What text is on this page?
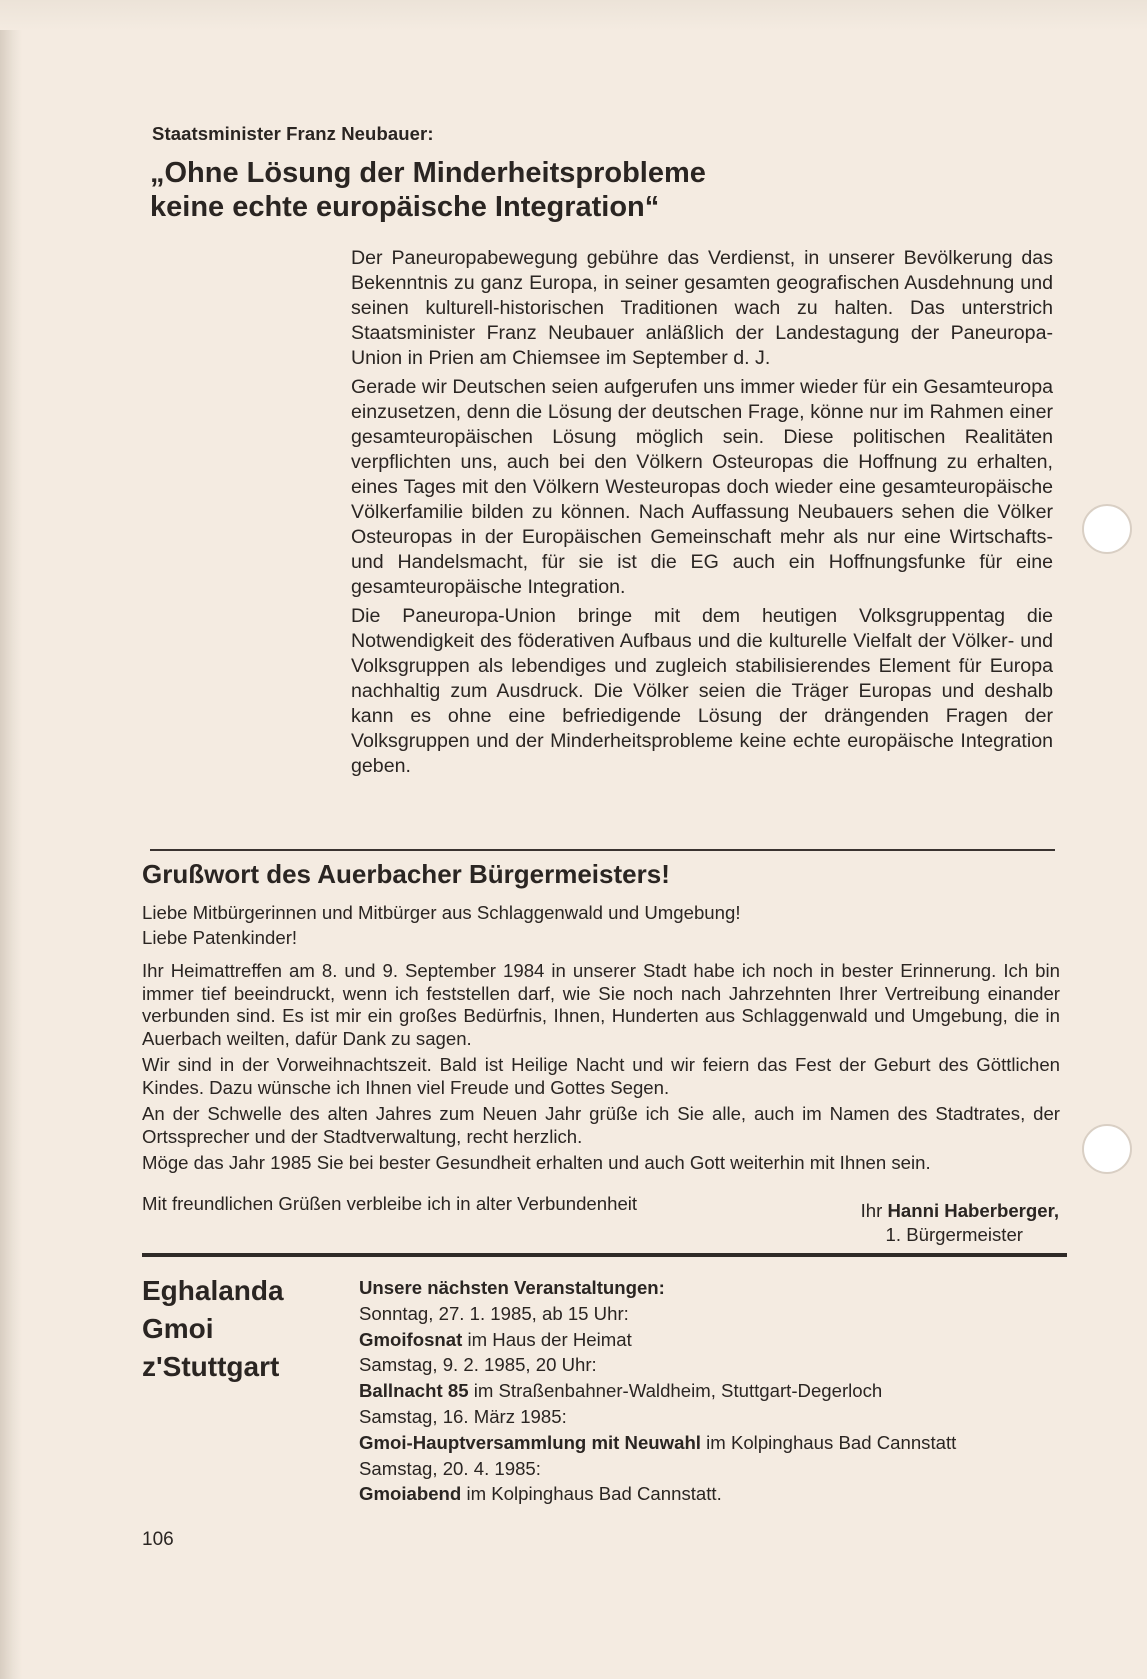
Staatsminister Franz Neubauer:
„Ohne Lösung der Minderheitsprobleme
keine echte europäische Integration“

Der Paneuropabewegung gebühre das Verdienst, in unserer Bevölkerung das Bekenntnis zu ganz Europa, in seiner gesamten geografischen Ausdehnung und seinen kulturell-historischen Traditionen wach zu halten. Das unterstrich Staatsminister Franz Neubauer anläßlich der Landestagung der Paneuropa-Union in Prien am Chiemsee im September d. J.

Gerade wir Deutschen seien aufgerufen uns immer wieder für ein Gesamteuropa einzusetzen, denn die Lösung der deutschen Frage, könne nur im Rahmen einer gesamteuropäischen Lösung möglich sein. Diese politischen Realitäten verpflichten uns, auch bei den Völkern Osteuropas die Hoffnung zu erhalten, eines Tages mit den Völkern Westeuropas doch wieder eine gesamteuropäische Völkerfamilie bilden zu können. Nach Auffassung Neubauers sehen die Völker Osteuropas in der Europäischen Gemeinschaft mehr als nur eine Wirtschafts- und Handelsmacht, für sie ist die EG auch ein Hoffnungsfunke für eine gesamteuropäische Integration.

Die Paneuropa-Union bringe mit dem heutigen Volksgruppentag die Notwendigkeit des föderativen Aufbaus und die kulturelle Vielfalt der Völker- und Volksgruppen als lebendiges und zugleich stabilisierendes Element für Europa nachhaltig zum Ausdruck. Die Völker seien die Träger Europas und deshalb kann es ohne eine befriedigende Lösung der drängenden Fragen der Volksgruppen und der Minderheitsprobleme keine echte europäische Integration geben.

Grußwort des Auerbacher Bürgermeisters!
Liebe Mitbürgerinnen und Mitbürger aus Schlaggenwald und Umgebung!
Liebe Patenkinder!

Ihr Heimattreffen am 8. und 9. September 1984 in unserer Stadt habe ich noch in bester Erinnerung. Ich bin immer tief beeindruckt, wenn ich feststellen darf, wie Sie noch nach Jahrzehnten Ihrer Vertreibung einander verbunden sind. Es ist mir ein großes Bedürfnis, Ihnen, Hunderten aus Schlaggenwald und Umgebung, die in Auerbach weilten, dafür Dank zu sagen.

Wir sind in der Vorweihnachtszeit. Bald ist Heilige Nacht und wir feiern das Fest der Geburt des Göttlichen Kindes. Dazu wünsche ich Ihnen viel Freude und Gottes Segen.

An der Schwelle des alten Jahres zum Neuen Jahr grüße ich Sie alle, auch im Namen des Stadtrates, der Ortssprecher und der Stadtverwaltung, recht herzlich.

Möge das Jahr 1985 Sie bei bester Gesundheit erhalten und auch Gott weiterhin mit Ihnen sein.

Mit freundlichen Grüßen verbleibe ich in alter Verbundenheit	Ihr Hanni Haberberger,
1. Bürgermeister
Eghalanda
Gmoi
z'Stuttgart
Unsere nächsten Veranstaltungen:
Sonntag, 27. 1. 1985, ab 15 Uhr:
Gmoifosnat im Haus der Heimat
Samstag, 9. 2. 1985, 20 Uhr:
Ballnacht 85 im Straßenbahner-Waldheim, Stuttgart-Degerloch
Samstag, 16. März 1985:
Gmoi-Hauptversammlung mit Neuwahl im Kolpinghaus Bad Cannstatt
Samstag, 20. 4. 1985:
Gmoiabend im Kolpinghaus Bad Cannstatt.
106
